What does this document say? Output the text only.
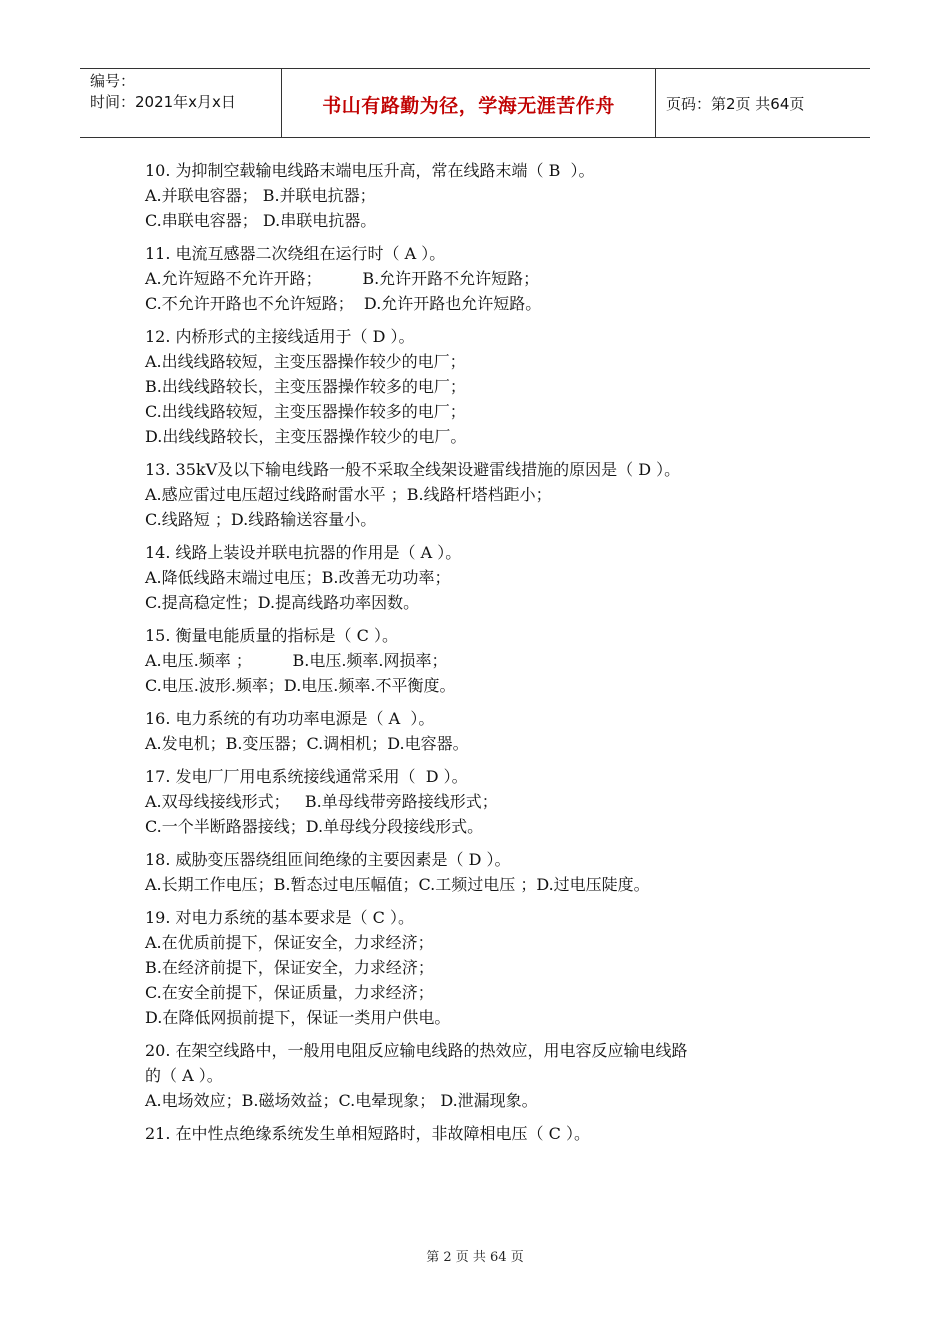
编号：
时间：2021年x月x日	书山有路勤为径，学海无涯苦作舟	页码：第2页 共64页
10. 为抑制空载输电线路末端电压升高，常在线路末端（ B  ）。
A.并联电容器； B.并联电抗器；
C.串联电容器； D.串联电抗器。
11. 电流互感器二次绕组在运行时（ A ）。
A.允许短路不允许开路；        B.允许开路不允许短路；
C.不允许开路也不允许短路；  D.允许开路也允许短路。
12. 内桥形式的主接线适用于（ D ）。
A.出线线路较短，主变压器操作较少的电厂；
B.出线线路较长，主变压器操作较多的电厂；
C.出线线路较短，主变压器操作较多的电厂；
D.出线线路较长，主变压器操作较少的电厂。
13. 35kV及以下输电线路一般不采取全线架设避雷线措施的原因是（ D ）。
A.感应雷过电压超过线路耐雷水平 ；B.线路杆塔档距小；
C.线路短 ；D.线路输送容量小。
14. 线路上装设并联电抗器的作用是（ A ）。
A.降低线路末端过电压；B.改善无功功率；
C.提高稳定性；D.提高线路功率因数。
15. 衡量电能质量的指标是（ C ）。
A.电压.频率 ；        B.电压.频率.网损率；
C.电压.波形.频率；D.电压.频率.不平衡度。
16. 电力系统的有功功率电源是（ A  ）。
A.发电机；B.变压器；C.调相机；D.电容器。
17. 发电厂厂用电系统接线通常采用（  D ）。
A.双母线接线形式；   B.单母线带旁路接线形式；
C.一个半断路器接线；D.单母线分段接线形式。
18. 威胁变压器绕组匝间绝缘的主要因素是（ D ）。
A.长期工作电压；B.暂态过电压幅值；C.工频过电压 ；D.过电压陡度。
19. 对电力系统的基本要求是（ C ）。
A.在优质前提下，保证安全，力求经济；
B.在经济前提下，保证安全，力求经济；
C.在安全前提下，保证质量，力求经济；
D.在降低网损前提下，保证一类用户供电。
20. 在架空线路中，一般用电阻反应输电线路的热效应，用电容反应输电线路
的（ A ）。
A.电场效应；B.磁场效益；C.电晕现象； D.泄漏现象。
21. 在中性点绝缘系统发生单相短路时，非故障相电压（ C ）。
第 2 页 共 64 页
